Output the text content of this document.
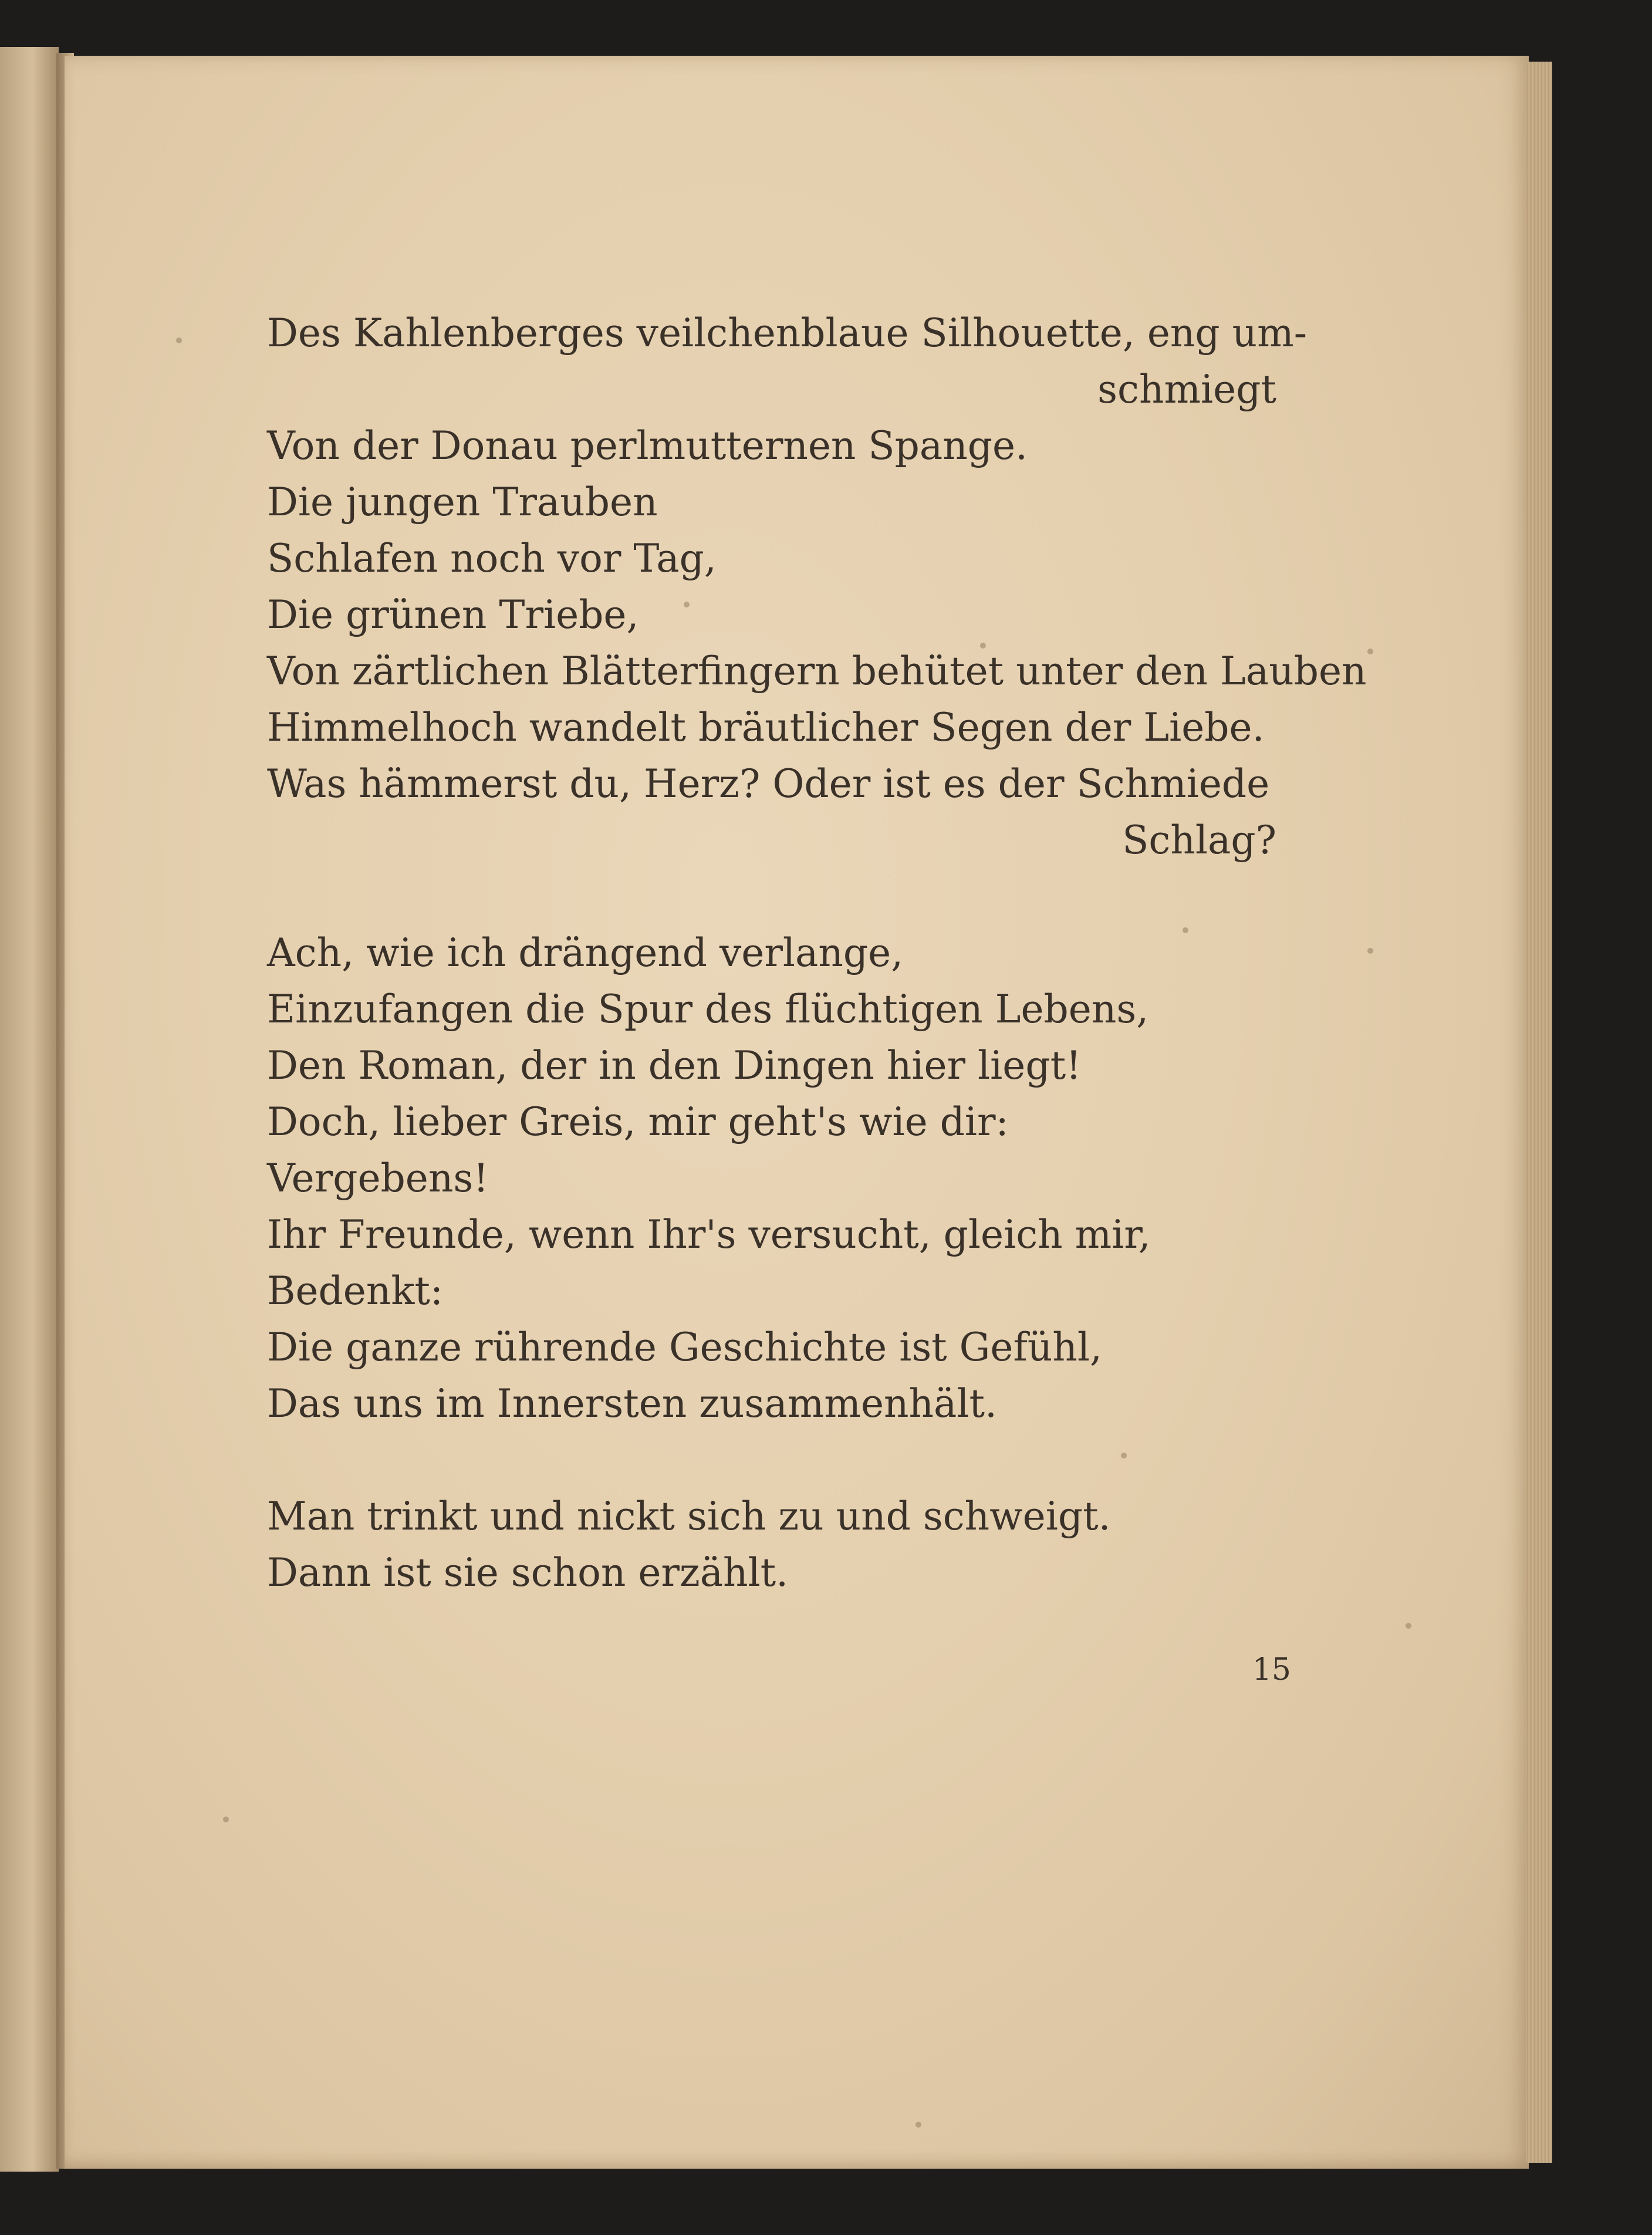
Des Kahlenberges veilchenblaue Silhouette, eng um-
schmiegt
Von der Donau perlmutternen Spange.
Die jungen Trauben
Schlafen noch vor Tag,
Die grünen Triebe,
Von zärtlichen Blätterfingern behütet unter den Lauben
Himmelhoch wandelt bräutlicher Segen der Liebe.
Was hämmerst du, Herz? Oder ist es der Schmiede
Schlag?
Ach, wie ich drängend verlange,
Einzufangen die Spur des flüchtigen Lebens,
Den Roman, der in den Dingen hier liegt!
Doch, lieber Greis, mir geht's wie dir:
Vergebens!
Ihr Freunde, wenn Ihr's versucht, gleich mir,
Bedenkt:
Die ganze rührende Geschichte ist Gefühl,
Das uns im Innersten zusammenhält.
Man trinkt und nickt sich zu und schweigt.
Dann ist sie schon erzählt.
15
